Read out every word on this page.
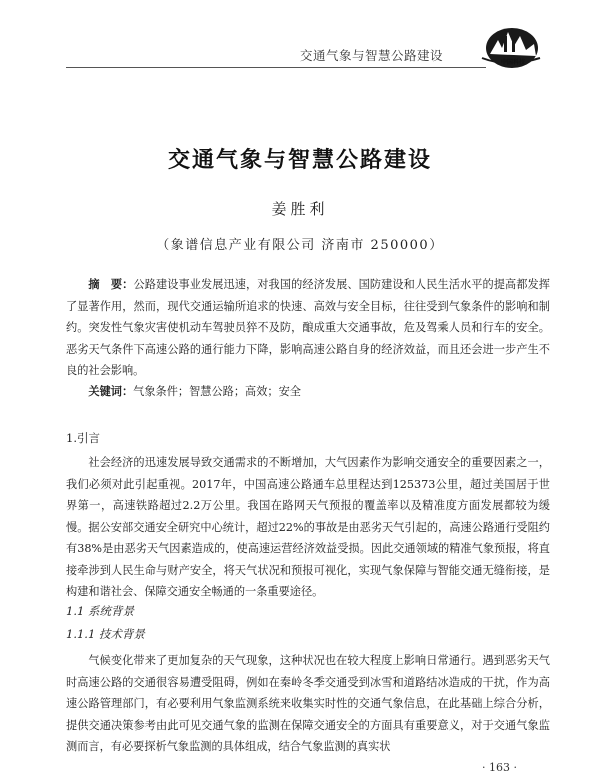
交通气象与智慧公路建设	中国科技
交通气象与智慧公路建设
姜胜利
（象谱信息产业有限公司 济南市 250000）
摘　要：公路建设事业发展迅速，对我国的经济发展、国防建设和人民生活水平的提高都发挥了显著作用，然而，现代交通运输所追求的快速、高效与安全目标，往往受到气象条件的影响和制约。突发性气象灾害使机动车驾驶员猝不及防，酿成重大交通事故，危及驾乘人员和行车的安全。恶劣天气条件下高速公路的通行能力下降，影响高速公路自身的经济效益，而且还会进一步产生不良的社会影响。
关键词：气象条件；智慧公路；高效；安全
1.引言
社会经济的迅速发展导致交通需求的不断增加，大气因素作为影响交通安全的重要因素之一，我们必须对此引起重视。2017年，中国高速公路通车总里程达到125373公里，超过美国居于世界第一，高速铁路超过2.2万公里。我国在路网天气预报的覆盖率以及精准度方面发展都较为缓慢。据公安部交通安全研究中心统计，超过22%的事故是由恶劣天气引起的，高速公路通行受阻约有38%是由恶劣天气因素造成的，使高速运营经济效益受损。因此交通领域的精准气象预报，将直接牵涉到人民生命与财产安全，将天气状况和预报可视化，实现气象保障与智能交通无缝衔接，是构建和谐社会、保障交通安全畅通的一条重要途径。
1.1 系统背景
1.1.1 技术背景
气候变化带来了更加复杂的天气现象，这种状况也在较大程度上影响日常通行。遇到恶劣天气时高速公路的交通很容易遭受阻碍，例如在秦岭冬季交通受到冰雪和道路结冰造成的干扰，作为高速公路管理部门，有必要利用气象监测系统来收集实时性的交通气象信息，在此基础上综合分析，提供交通决策参考由此可见交通气象的监测在保障交通安全的方面具有重要意义，对于交通气象监测而言，有必要探析气象监测的具体组成，结合气象监测的真实状
· 163 ·
